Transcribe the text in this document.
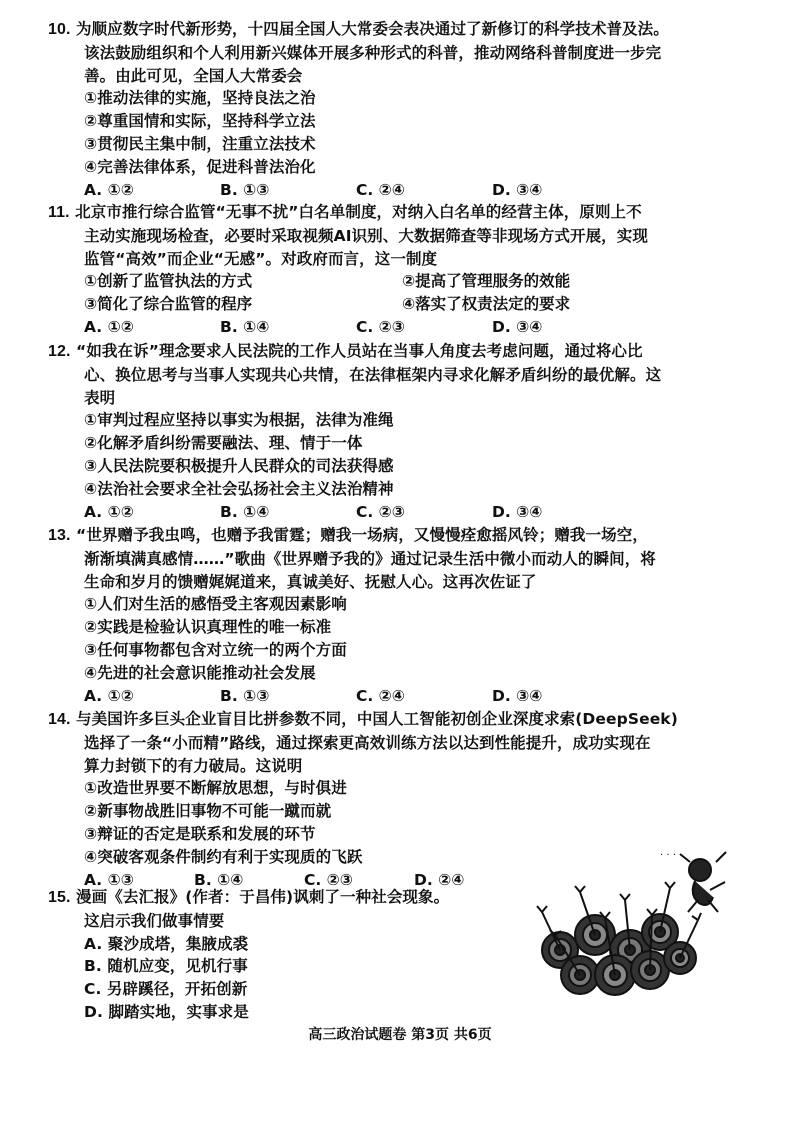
10. 为顺应数字时代新形势，十四届全国人大常委会表决通过了新修订的科学技术普及法。
该法鼓励组织和个人利用新兴媒体开展多种形式的科普，推动网络科普制度进一步完
善。由此可见，全国人大常委会
①推动法律的实施，坚持良法之治
②尊重国情和实际，坚持科学立法
③贯彻民主集中制，注重立法技术
④完善法律体系，促进科普法治化
A. ①②	B. ①③	C. ②④	D. ③④
11. 北京市推行综合监管“无事不扰”白名单制度，对纳入白名单的经营主体，原则上不
主动实施现场检查，必要时采取视频AI识别、大数据筛查等非现场方式开展，实现
监管“高效”而企业“无感”。对政府而言，这一制度
①创新了监管执法的方式	②提高了管理服务的效能
③简化了综合监管的程序	④落实了权责法定的要求
A. ①②	B. ①④	C. ②③	D. ③④
12. “如我在诉”理念要求人民法院的工作人员站在当事人角度去考虑问题，通过将心比
心、换位思考与当事人实现共心共情，在法律框架内寻求化解矛盾纠纷的最优解。这
表明
①审判过程应坚持以事实为根据，法律为准绳
②化解矛盾纠纷需要融法、理、情于一体
③人民法院要积极提升人民群众的司法获得感
④法治社会要求全社会弘扬社会主义法治精神
A. ①②	B. ①④	C. ②③	D. ③④
13. “世界赠予我虫鸣，也赠予我雷霆；赠我一场病，又慢慢痊愈摇风铃；赠我一场空，
渐渐填满真感情……”歌曲《世界赠予我的》通过记录生活中微小而动人的瞬间，将
生命和岁月的馈赠娓娓道来，真诚美好、抚慰人心。这再次佐证了
①人们对生活的感悟受主客观因素影响
②实践是检验认识真理性的唯一标准
③任何事物都包含对立统一的两个方面
④先进的社会意识能推动社会发展
A. ①②	B. ①③	C. ②④	D. ③④
14. 与美国许多巨头企业盲目比拼参数不同，中国人工智能初创企业深度求索(DeepSeek)
选择了一条“小而精”路线，通过探索更高效训练方法以达到性能提升，成功实现在
算力封锁下的有力破局。这说明
①改造世界要不断解放思想，与时俱进
②新事物战胜旧事物不可能一蹴而就
③辩证的否定是联系和发展的环节
④突破客观条件制约有利于实现质的飞跃
A. ①③	B. ①④	C. ②③	D. ②④
15. 漫画《去汇报》(作者：于昌伟)讽刺了一种社会现象。
这启示我们做事情要
A. 聚沙成塔，集腋成裘
B. 随机应变，见机行事
C. 另辟蹊径，开拓创新
D. 脚踏实地，实事求是
· · ·
高三政治试题卷 第3页 共6页
